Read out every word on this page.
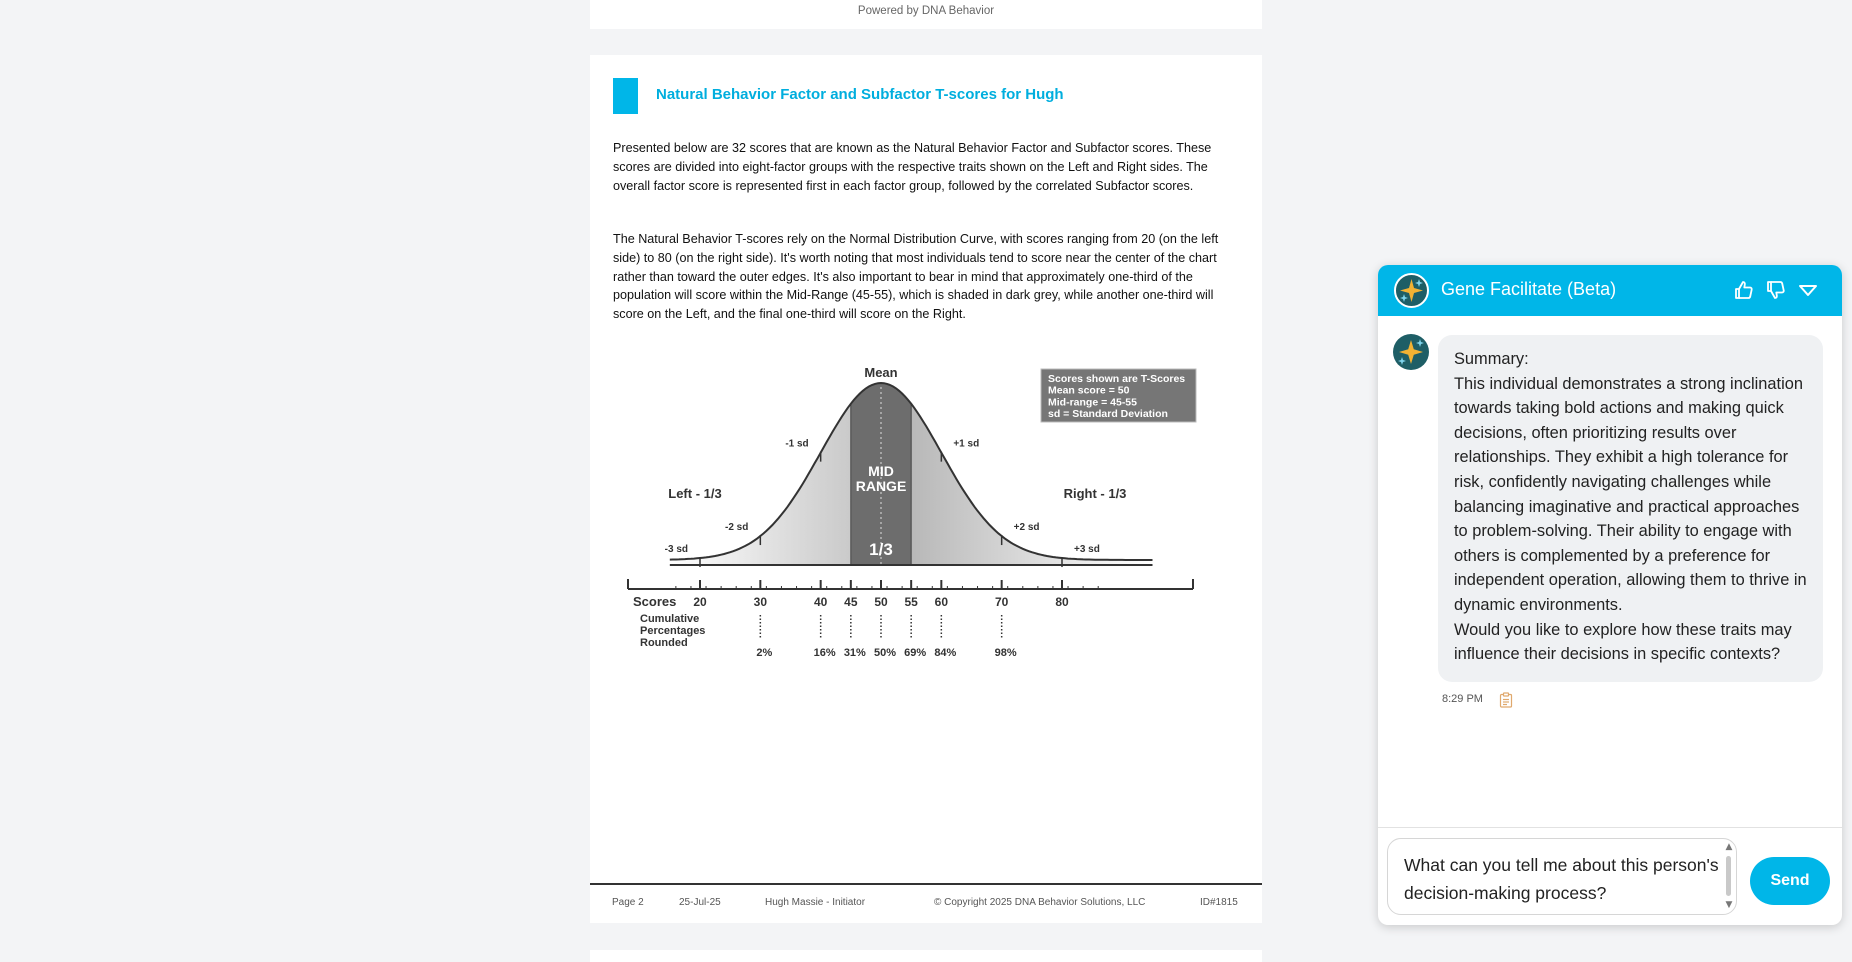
Powered by DNA Behavior
Natural Behavior Factor and Subfactor T-scores for Hugh
Presented below are 32 scores that are known as the Natural Behavior Factor and Subfactor scores. These scores are divided into eight-factor groups with the respective traits shown on the Left and Right sides. The overall factor score is represented first in each factor group, followed by the correlated Subfactor scores.
The Natural Behavior T-scores rely on the Normal Distribution Curve, with scores ranging from 20 (on the left side) to 80 (on the right side). It's worth noting that most individuals tend to score near the center of the chart rather than toward the outer edges. It's also important to bear in mind that approximately one-third of the population will score within the Mid-Range (45-55), which is shaded in dark grey, while another one-third will score on the Left, and the final one-third will score on the Right.
Mean
MID
RANGE
1/3
Left - 1/3	Right - 1/3
-3 sd
-2 sd
-1 sd	+1 sd
+2 sd
+3 sd
Scores shown are T-Scores
Mean score = 50
Mid-range = 45-55
sd = Standard Deviation
20	30	40 45 50 55 60	70	80
Scores
Cumulative
Percentages
Rounded
2%	16% 31% 50% 69% 84%	98%
Page 2	25-Jul-25	Hugh Massie - Initiator	© Copyright 2025 DNA Behavior Solutions, LLC	ID#1815
Gene Facilitate (Beta)

Summary:

This individual demonstrates a strong inclination towards taking bold actions and making quick decisions, often prioritizing results over relationships. They exhibit a high tolerance for risk, confidently navigating challenges while balancing imaginative and practical approaches to problem-solving. Their ability to engage with others is complemented by a preference for independent operation, allowing them to thrive in dynamic environments.

Would you like to explore how these traits may influence their decisions in specific contexts?

8:29 PM
What can you tell me about this person's decision-making process?
▲
▼
Send
